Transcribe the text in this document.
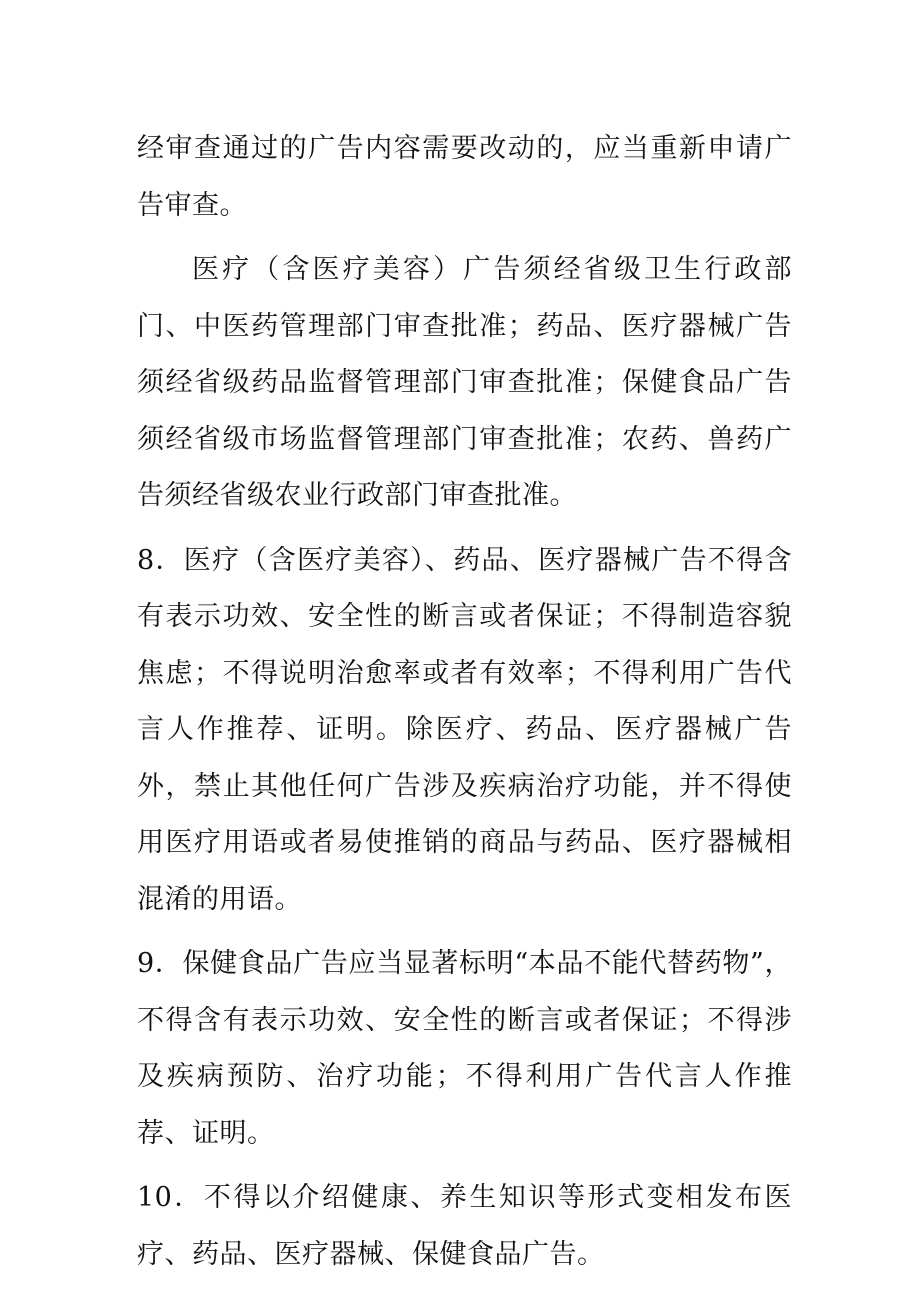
经审查通过的广告内容需要改动的，应当重新申请广告审查。

医疗（含医疗美容）广告须经省级卫生行政部门、中医药管理部门审查批准；药品、医疗器械广告须经省级药品监督管理部门审查批准；保健食品广告须经省级市场监督管理部门审查批准；农药、兽药广告须经省级农业行政部门审查批准。

8．医疗（含医疗美容）、药品、医疗器械广告不得含有表示功效、安全性的断言或者保证；不得制造容貌焦虑；不得说明治愈率或者有效率；不得利用广告代言人作推荐、证明。除医疗、药品、医疗器械广告外，禁止其他任何广告涉及疾病治疗功能，并不得使用医疗用语或者易使推销的商品与药品、医疗器械相混淆的用语。

9．保健食品广告应当显著标明“本品不能代替药物”，不得含有表示功效、安全性的断言或者保证；不得涉及疾病预防、治疗功能；不得利用广告代言人作推荐、证明。

10．不得以介绍健康、养生知识等形式变相发布医疗、药品、医疗器械、保健食品广告。
